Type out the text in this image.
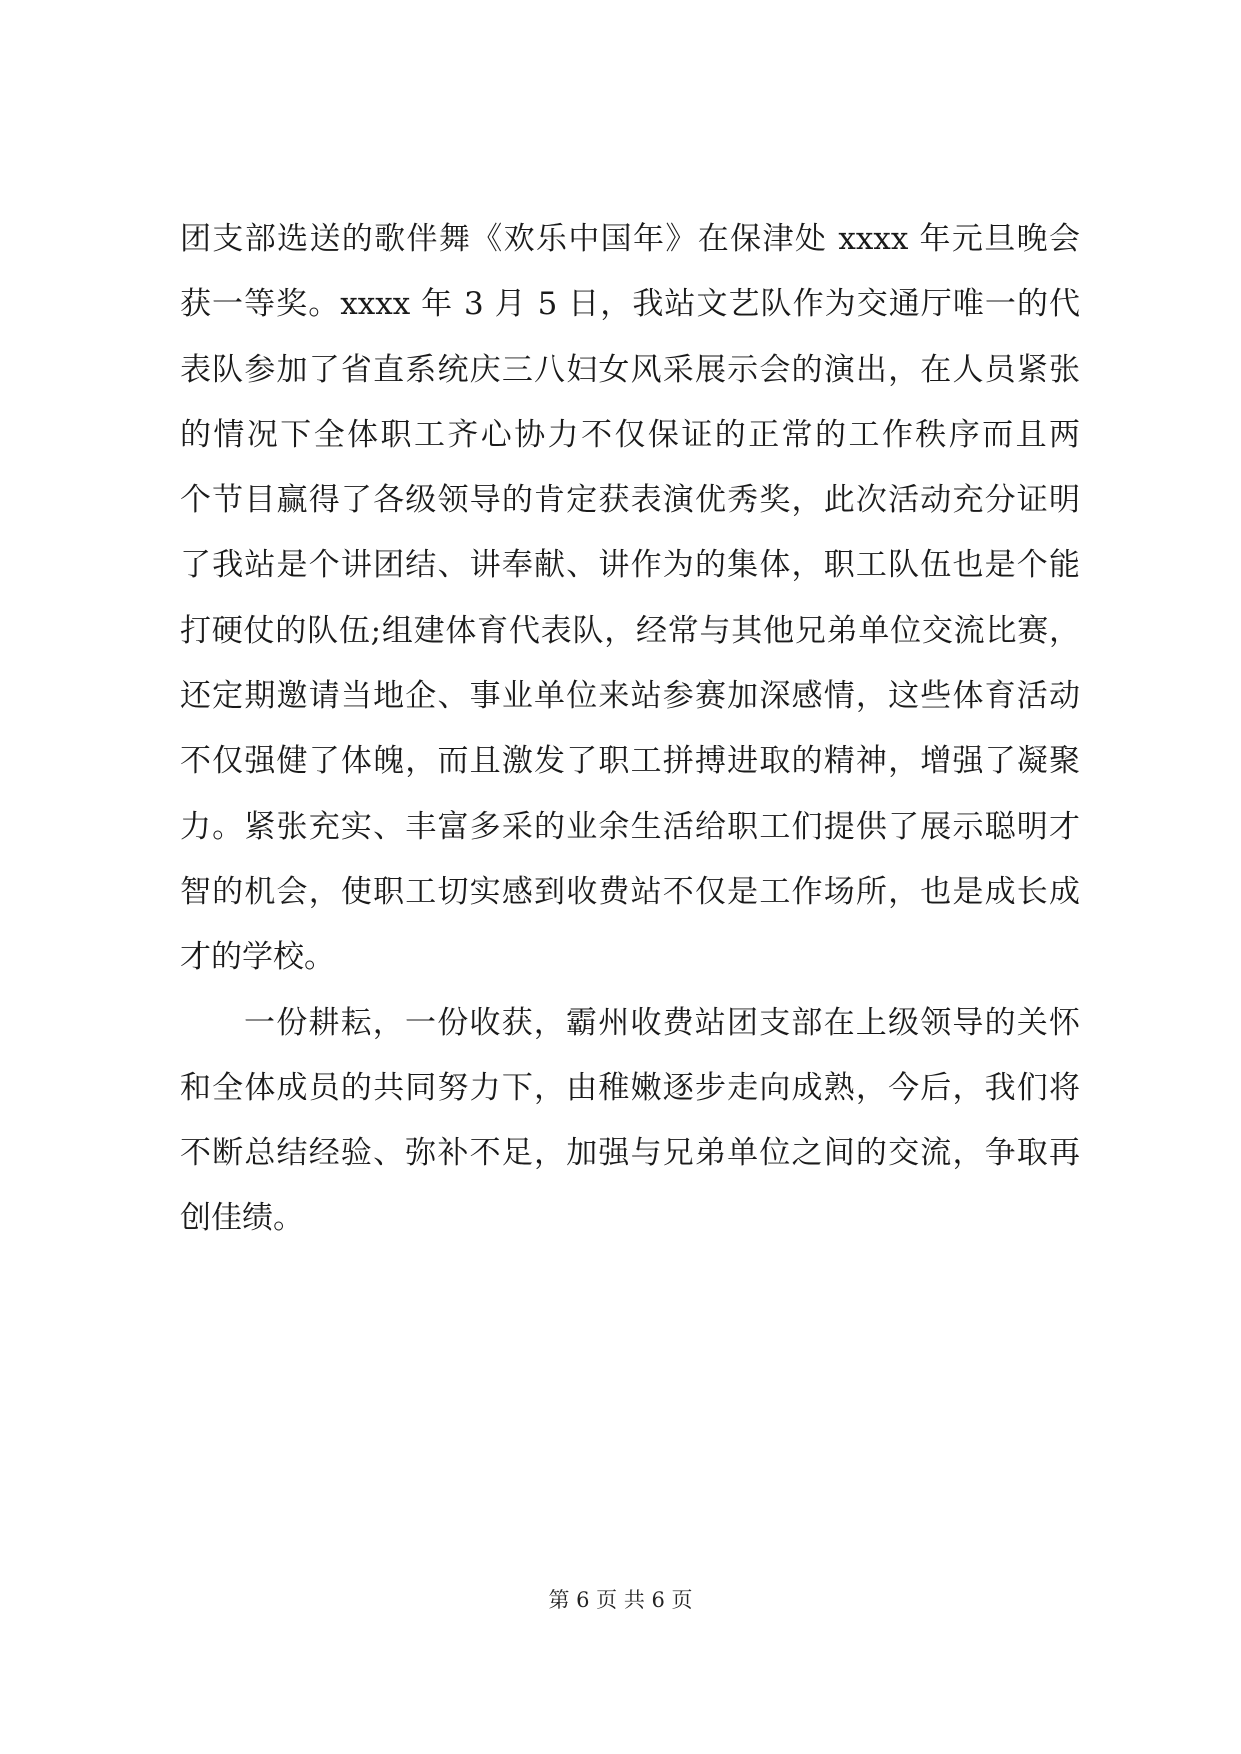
团支部选送的歌伴舞《欢乐中国年》在保津处 xxxx 年元旦晚会
获一等奖。xxxx 年 3 月 5 日，我站文艺队作为交通厅唯一的代
表队参加了省直系统庆三八妇女风采展示会的演出，在人员紧张
的情况下全体职工齐心协力不仅保证的正常的工作秩序而且两
个节目赢得了各级领导的肯定获表演优秀奖，此次活动充分证明
了我站是个讲团结、讲奉献、讲作为的集体，职工队伍也是个能
打硬仗的队伍;组建体育代表队，经常与其他兄弟单位交流比赛，
还定期邀请当地企、事业单位来站参赛加深感情，这些体育活动
不仅强健了体魄，而且激发了职工拼搏进取的精神，增强了凝聚
力。紧张充实、丰富多采的业余生活给职工们提供了展示聪明才
智的机会，使职工切实感到收费站不仅是工作场所，也是成长成
才的学校。
一份耕耘，一份收获，霸州收费站团支部在上级领导的关怀
和全体成员的共同努力下，由稚嫩逐步走向成熟，今后，我们将
不断总结经验、弥补不足，加强与兄弟单位之间的交流，争取再
创佳绩。
第 6 页 共 6 页
